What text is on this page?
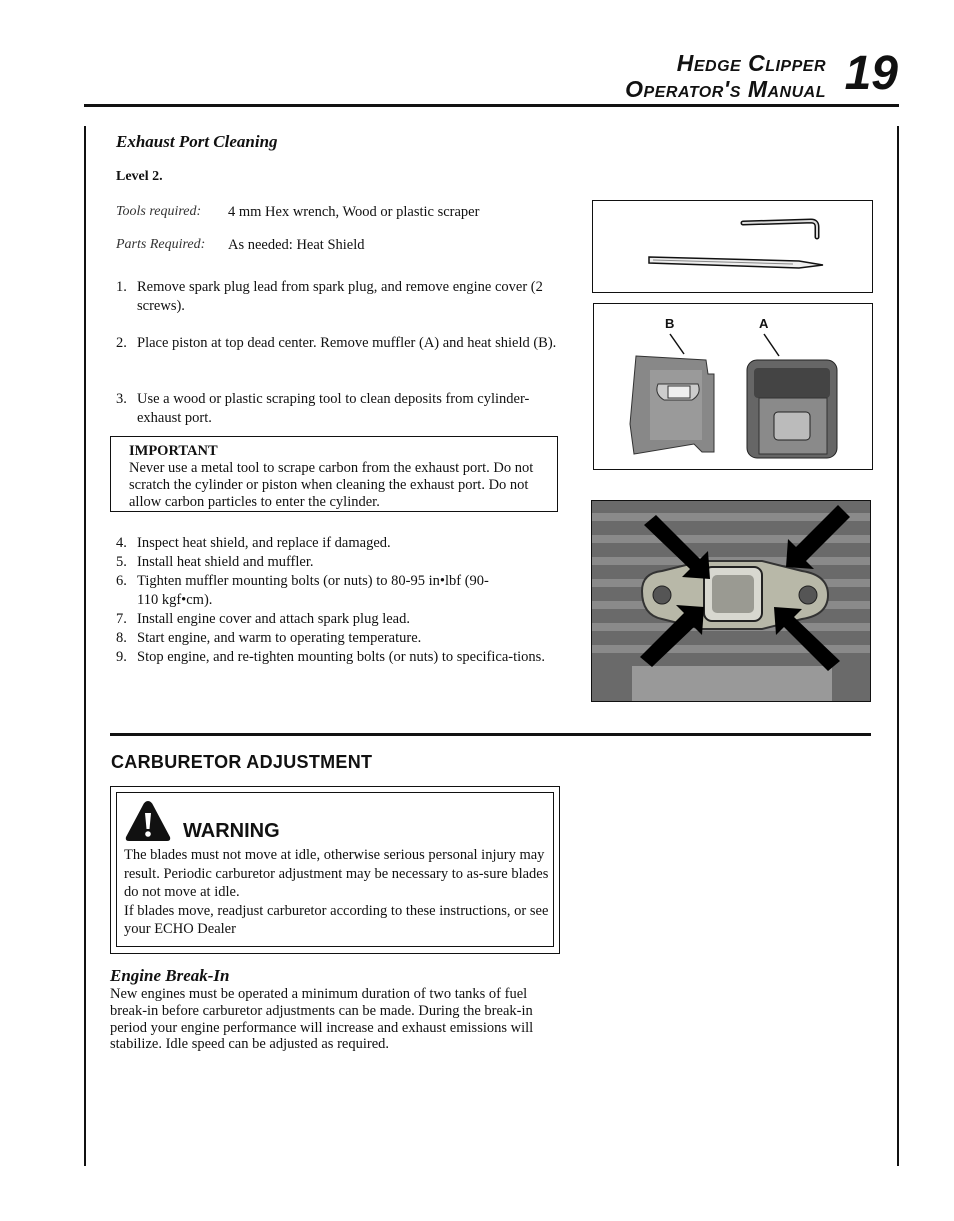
Hedge Clipper
Operator's Manual 19
Exhaust Port Cleaning
Level 2.
Tools required: 4 mm Hex wrench, Wood or plastic scraper
Parts Required: As needed: Heat Shield
1. Remove spark plug lead from spark plug, and remove engine cover (2 screws).
2. Place piston at top dead center. Remove muffler (A) and heat shield (B).
3. Use a wood or plastic scraping tool to clean deposits from cylinder-exhaust port.
IMPORTANT
Never use a metal tool to scrape carbon from the exhaust port. Do not scratch the cylinder or piston when cleaning the exhaust port. Do not allow carbon particles to enter the cylinder.
4. Inspect heat shield, and replace if damaged.
5. Install heat shield and muffler.
6. Tighten muffler mounting bolts (or nuts) to 80-95 in•lbf (90-110 kgf•cm).
7. Install engine cover and attach spark plug lead.
8. Start engine, and warm to operating temperature.
9. Stop engine, and re-tighten mounting bolts (or nuts) to specifica-tions.
B	A
CARBURETOR ADJUSTMENT
WARNING
The blades must not move at idle, otherwise serious personal injury may result. Periodic carburetor adjustment may be necessary to as-sure blades do not move at idle.
If blades move, readjust carburetor according to these instructions, or see your ECHO Dealer
Engine Break-In
New engines must be operated a minimum duration of two tanks of fuel break-in before carburetor adjustments can be made. During the break-in period your engine performance will increase and exhaust emissions will stabilize. Idle speed can be adjusted as required.
